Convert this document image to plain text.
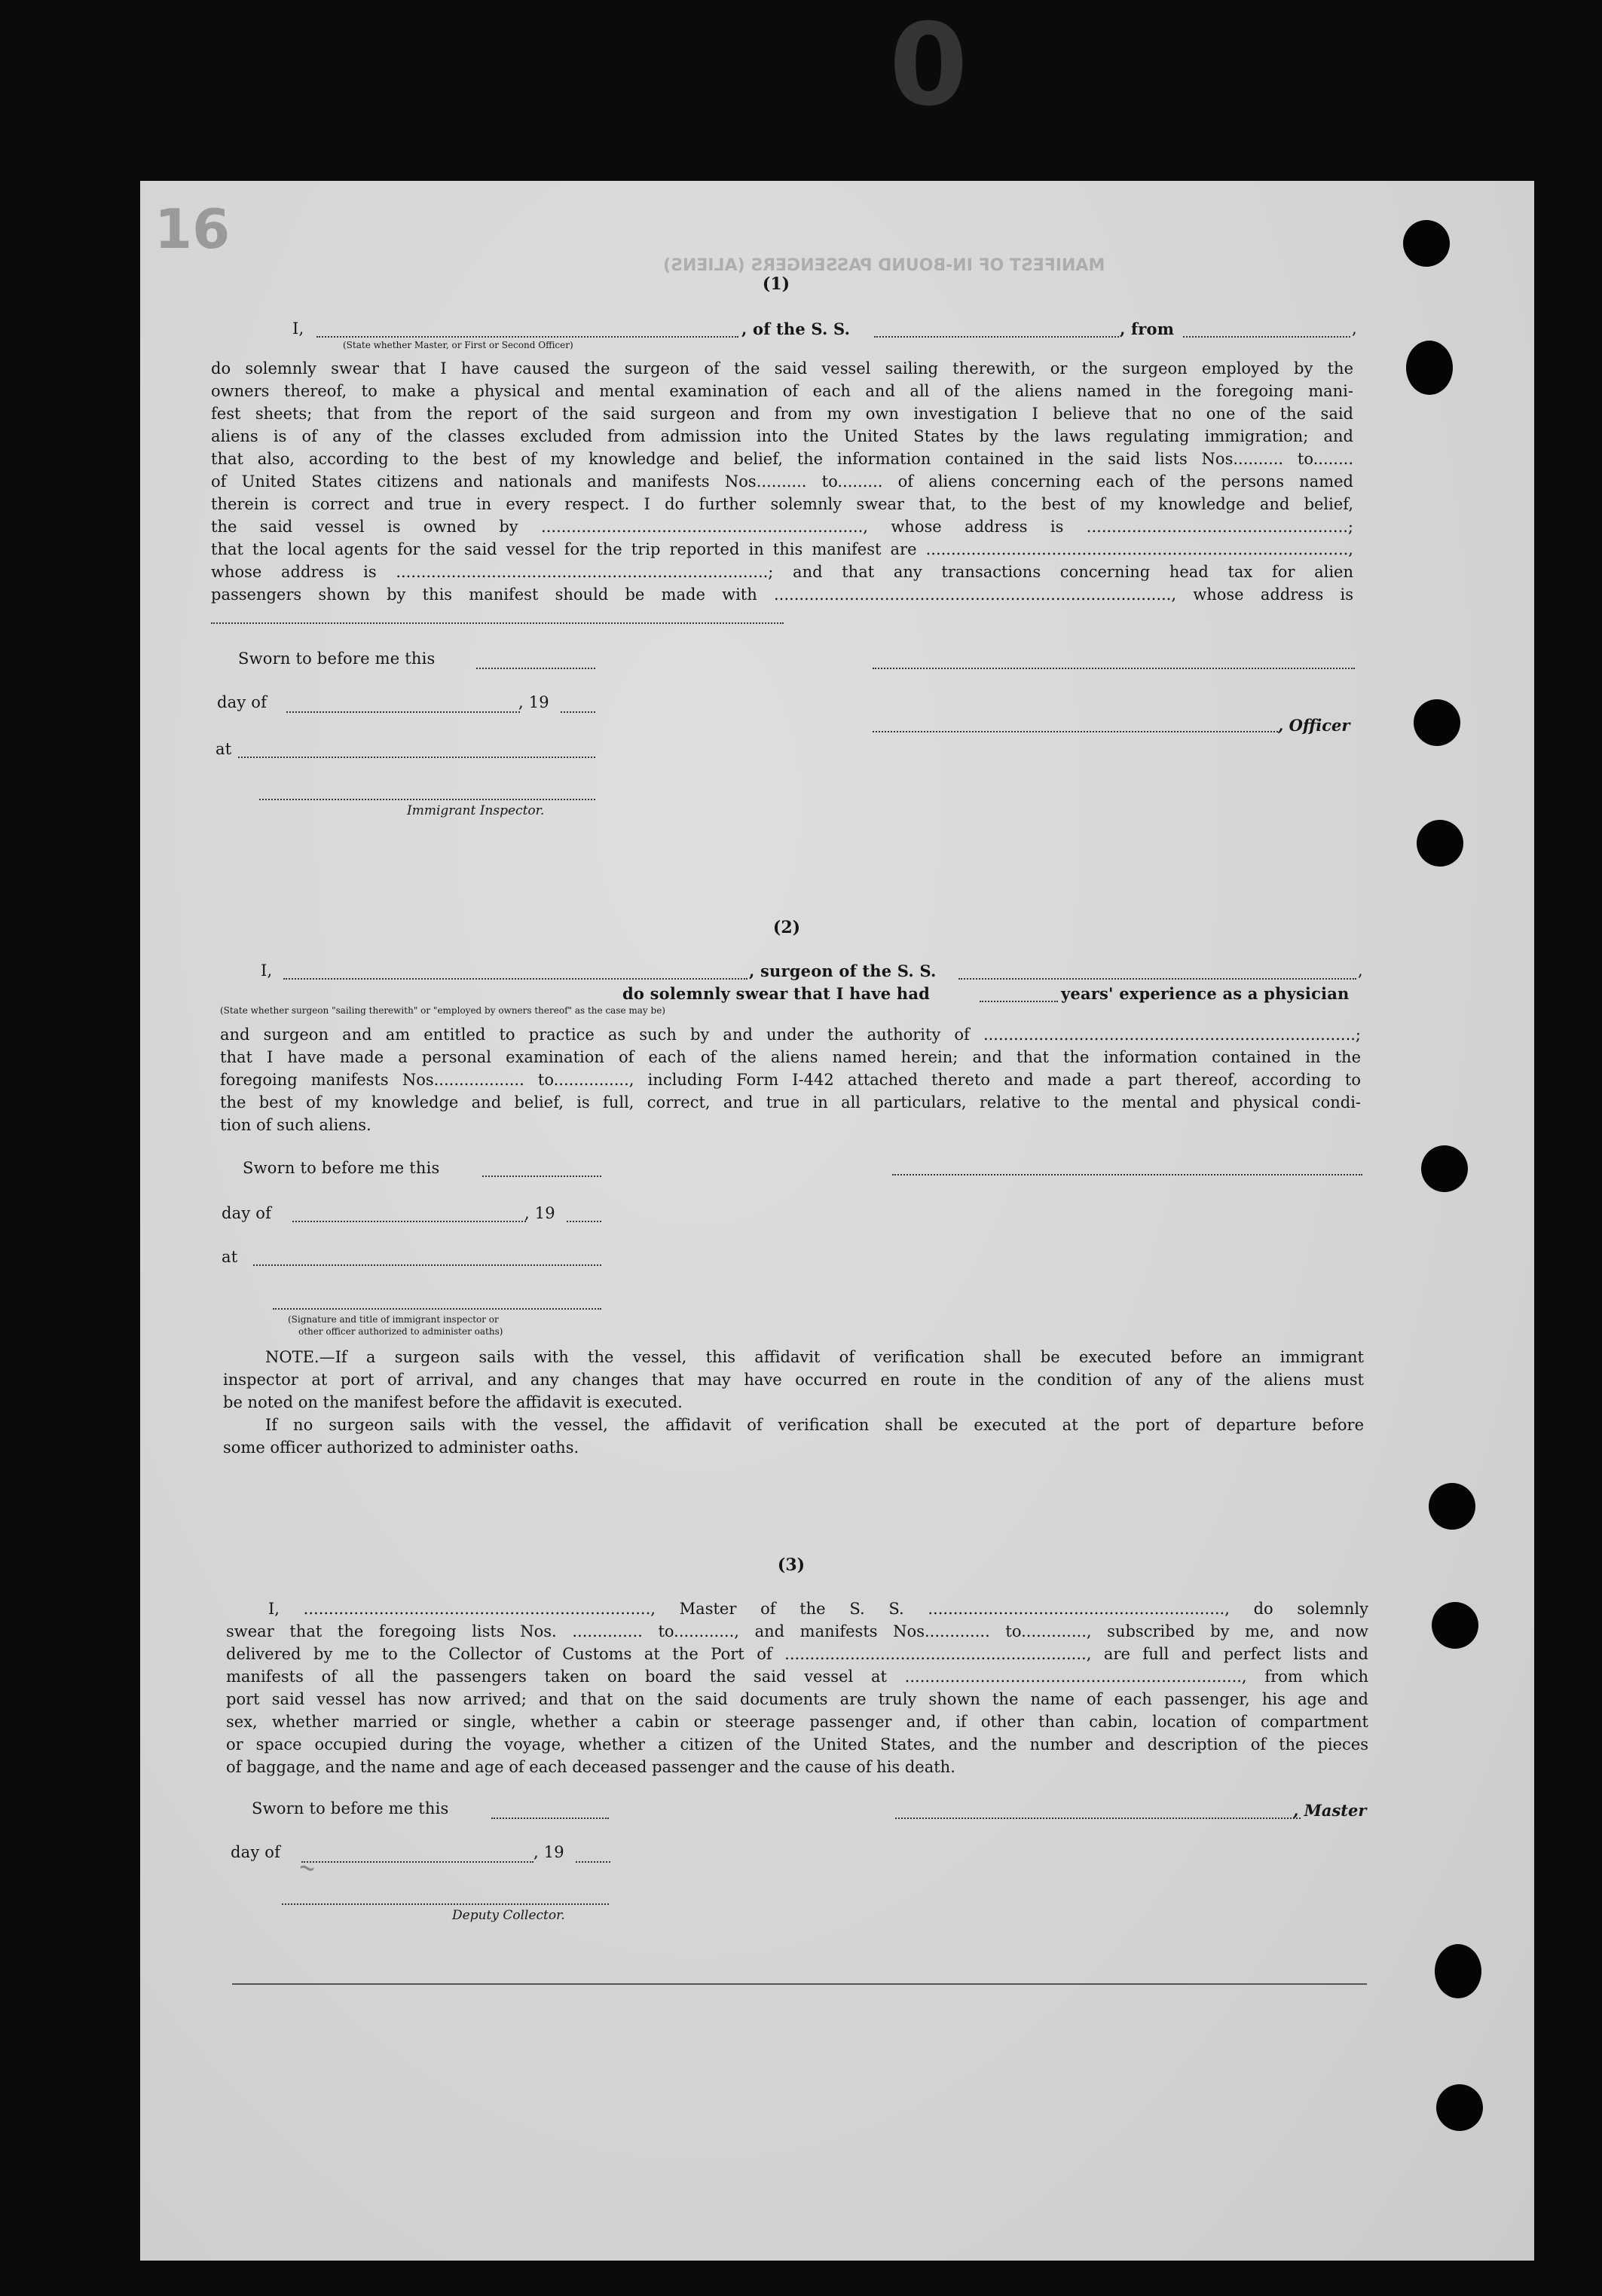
MANIFEST OF IN-BOUND PASSENGERS (ALIENS)
0
16
(1)
I,	, of the S. S.	, from	,
(State whether Master, or First or Second Officer)
do solemnly swear that I have caused the surgeon of the said vessel sailing therewith, or the surgeon employed by the
owners thereof, to make a physical and mental examination of each and all of the aliens named in the foregoing mani-
fest sheets; that from the report of the said surgeon and from my own investigation I believe that no one of the said
aliens is of any of the classes excluded from admission into the United States by the laws regulating immigration; and
that also, according to the best of my knowledge and belief, the information contained in the said lists Nos.......... to........
of United States citizens and nationals and manifests Nos.......... to......... of aliens concerning each of the persons named
therein is correct and true in every respect. I do further solemnly swear that, to the best of my knowledge and belief,
the said vessel is owned by ................................................................, whose address is ....................................................;
that the local agents for the said vessel for the trip reported in this manifest are ....................................................................................,
whose address is ..........................................................................; and that any transactions concerning head tax for alien
passengers shown by this manifest should be made with ..............................................................................., whose address is
Sworn to before me this
day of	, 19
, Officer
at
Immigrant Inspector.
(2)
I,	, surgeon of the S. S.	,
do solemnly swear that I have had	years' experience as a physician
(State whether surgeon "sailing therewith" or "employed by owners thereof" as the case may be)
and surgeon and am entitled to practice as such by and under the authority of ..........................................................................;
that I have made a personal examination of each of the aliens named herein; and that the information contained in the
foregoing manifests Nos.................. to..............., including Form I-442 attached thereto and made a part thereof, according to
the best of my knowledge and belief, is full, correct, and true in all particulars, relative to the mental and physical condi-
tion of such aliens.
Sworn to before me this
day of	, 19
at
(Signature and title of immigrant inspector or
other officer authorized to administer oaths)
NOTE.—If a surgeon sails with the vessel, this affidavit of verification shall be executed before an immigrant
inspector at port of arrival, and any changes that may have occurred en route in the condition of any of the aliens must
be noted on the manifest before the affidavit is executed.
If no surgeon sails with the vessel, the affidavit of verification shall be executed at the port of departure before
some officer authorized to administer oaths.
(3)
I, ....................................................................., Master of the S. S. ..........................................................., do solemnly
swear that the foregoing lists Nos. .............. to............, and manifests Nos............. to............., subscribed by me, and now
delivered by me to the Collector of Customs at the Port of ............................................................, are full and perfect lists and
manifests of all the passengers taken on board the said vessel at ..................................................................., from which
port said vessel has now arrived; and that on the said documents are truly shown the name of each passenger, his age and
sex, whether married or single, whether a cabin or steerage passenger and, if other than cabin, location of compartment
or space occupied during the voyage, whether a citizen of the United States, and the number and description of the pieces
of baggage, and the name and age of each deceased passenger and the cause of his death.
Sworn to before me this	, Master
day of	, 19
Deputy Collector.
~
